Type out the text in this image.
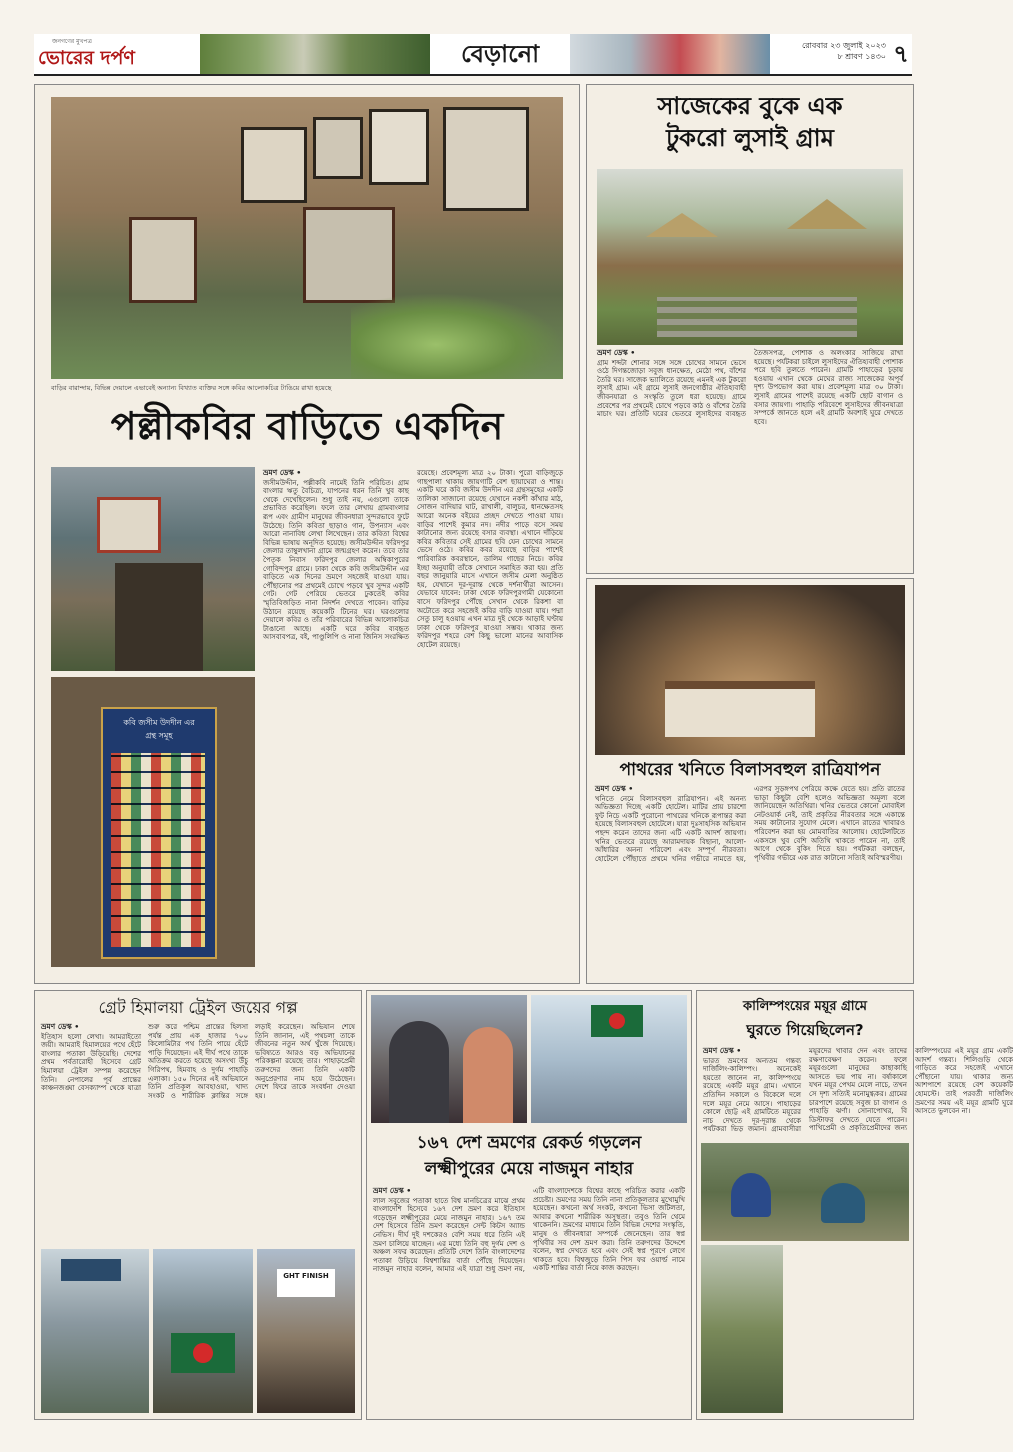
জনগণের মুখপত্র
ভোরের দর্পণ	বেড়ানো	রোববার ২৩ জুলাই ২০২৩
৮ শ্রাবণ ১৪৩০ ৭
বাড়ির বারান্দায়, বিভিন্ন দেয়ালে এভাবেই অন্যান্য বিখ্যাত ব্যক্তির সঙ্গে কবির আলোকচিত্র টাঙিয়ে রাখা হয়েছে
পল্লীকবির বাড়িতে একদিন
কবি জসীম উদদীন এর
গ্রন্থ সমূহ
ভ্রমণ ডেস্ক •
জসীমউদ্দীন, পল্লীকবি নামেই তিনি পরিচিত। গ্রাম বাংলার ঋতু বৈচিত্র্য, যাপনের ধরন তিনি খুব কাছ থেকে দেখেছিলেন। শুধু তাই নয়, এগুলো তাকে প্রভাবিত করেছিল। ফলে তার লেখায় গ্রামবাংলার রূপ এবং গ্রামীণ মানুষের জীবনধারা সুন্দরভাবে ফুটে উঠেছে। তিনি কবিতা ছাড়াও গান, উপন্যাস এবং আরো নানাবিধ লেখা লিখেছেন। তার কবিতা বিশ্বের বিভিন্ন ভাষায় অনূদিত হয়েছে। জসীমউদ্দীন ফরিদপুর জেলার তাম্বুলখানা গ্রামে জন্মগ্রহণ করেন। তবে তার পৈতৃক নিবাস ফরিদপুর জেলার অম্বিকাপুরের গোবিন্দপুর গ্রামে। ঢাকা থেকে কবি জসীমউদ্দীন এর বাড়িতে এক দিনের ভ্রমণে সহজেই যাওয়া যায়। পৌঁছানোর পর প্রথমেই চোখে পড়বে খুব সুন্দর একটি গেট। গেট পেরিয়ে ভেতরে ঢুকতেই কবির স্মৃতিবিজড়িত নানা নিদর্শন দেখতে পাবেন। বাড়ির উঠানে রয়েছে কয়েকটি টিনের ঘর। ঘরগুলোর দেয়ালে কবির ও তাঁর পরিবারের বিভিন্ন আলোকচিত্র টাঙানো আছে। একটি ঘরে কবির ব্যবহৃত আসবাবপত্র, বই, পাণ্ডুলিপি ও নানা জিনিস সংরক্ষিত রয়েছে। প্রবেশমূল্য মাত্র ২০ টাকা। পুরো বাড়িজুড়ে গাছপালা থাকায় জায়গাটি বেশ ছায়াঘেরা ও শান্ত। একটি ঘরে কবি জসীম উদদীন এর গ্রন্থসমূহের একটি তালিকা সাজানো রয়েছে যেখানে নকশী কাঁথার মাঠ, সোজন বাদিয়ার ঘাট, রাখালী, বালুচর, ধানক্ষেতসহ আরো অনেক বইয়ের প্রচ্ছদ দেখতে পাওয়া যায়। বাড়ির পাশেই কুমার নদ। নদীর পাড়ে বসে সময় কাটানোর জন্য রয়েছে বসার ব্যবস্থা। এখানে দাঁড়িয়ে কবির কবিতার সেই গ্রামের ছবি যেন চোখের সামনে ভেসে ওঠে। কবির কবর রয়েছে বাড়ির পাশেই পারিবারিক কবরস্থানে, ডালিম গাছের নিচে। কবির ইচ্ছা অনুযায়ী তাঁকে সেখানে সমাহিত করা হয়। প্রতি বছর জানুয়ারি মাসে এখানে জসীম মেলা অনুষ্ঠিত হয়, যেখানে দূর-দূরান্ত থেকে দর্শনার্থীরা আসেন। যেভাবে যাবেন: ঢাকা থেকে ফরিদপুরগামী যেকোনো বাসে ফরিদপুর পৌঁছে সেখান থেকে রিকশা বা অটোতে করে সহজেই কবির বাড়ি যাওয়া যায়। পদ্মা সেতু চালু হওয়ায় এখন মাত্র দুই থেকে আড়াই ঘণ্টায় ঢাকা থেকে ফরিদপুর যাওয়া সম্ভব। থাকার জন্য ফরিদপুর শহরে বেশ কিছু ভালো মানের আবাসিক হোটেল রয়েছে।
সাজেকের বুকে এক
টুকরো লুসাই গ্রাম
ভ্রমণ ডেস্ক •
গ্রাম শব্দটা শোনার সঙ্গে সঙ্গে চোখের সামনে ভেসে ওঠে দিগন্তজোড়া সবুজ ধানক্ষেত, মেঠো পথ, বাঁশের তৈরি ঘর। সাজেক ভ্যালিতে রয়েছে এমনই এক টুকরো লুসাই গ্রাম। এই গ্রামে লুসাই জনগোষ্ঠীর ঐতিহ্যবাহী জীবনযাত্রা ও সংস্কৃতি তুলে ধরা হয়েছে। গ্রামে প্রবেশের পর প্রথমেই চোখে পড়বে কাঠ ও বাঁশের তৈরি মাচাং ঘর। প্রতিটি ঘরের ভেতরে লুসাইদের ব্যবহৃত তৈজসপত্র, পোশাক ও অলংকার সাজিয়ে রাখা হয়েছে। পর্যটকরা চাইলে লুসাইদের ঐতিহ্যবাহী পোশাক পরে ছবি তুলতে পারেন। গ্রামটি পাহাড়ের চূড়ায় হওয়ায় এখান থেকে মেঘের রাজ্য সাজেকের অপূর্ব দৃশ্য উপভোগ করা যায়। প্রবেশমূল্য মাত্র ৩০ টাকা। লুসাই গ্রামের পাশেই রয়েছে একটি ছোট বাগান ও বসার জায়গা। পাহাড়ি পরিবেশে লুসাইদের জীবনযাত্রা সম্পর্কে জানতে হলে এই গ্রামটি অবশ্যই ঘুরে দেখতে হবে।
পাথরের খনিতে বিলাসবহুল রাত্রিযাপন
ভ্রমণ ডেস্ক •
খনিতে নেমে বিলাসবহুল রাত্রিযাপন। এই অনন্য অভিজ্ঞতা দিচ্ছে একটি হোটেল। মাটির প্রায় চারশো ফুট নিচে একটি পুরোনো পাথরের খনিকে রূপান্তর করা হয়েছে বিলাসবহুল হোটেলে। যারা দুঃসাহসিক অভিযান পছন্দ করেন তাদের জন্য এটি একটি আদর্শ জায়গা। খনির ভেতরে রয়েছে আরামদায়ক বিছানা, আলো-আঁধারির অনন্য পরিবেশ এবং সম্পূর্ণ নীরবতা। হোটেলে পৌঁছাতে প্রথমে খনির গভীরে নামতে হয়, এরপর সুড়ঙ্গপথ পেরিয়ে কক্ষে যেতে হয়। প্রতি রাতের ভাড়া কিছুটা বেশি হলেও অভিজ্ঞতা অমূল্য বলে জানিয়েছেন অতিথিরা। খনির ভেতরে কোনো মোবাইল নেটওয়ার্ক নেই, তাই প্রকৃতির নীরবতার সঙ্গে একান্তে সময় কাটানোর সুযোগ মেলে। এখানে রাতের খাবারও পরিবেশন করা হয় মোমবাতির আলোয়। হোটেলটিতে একসঙ্গে খুব বেশি অতিথি থাকতে পারেন না, তাই আগে থেকে বুকিং দিতে হয়। পর্যটকরা বলছেন, পৃথিবীর গভীরে এক রাত কাটানো সত্যিই অবিস্মরণীয়।
গ্রেট হিমালয়া ট্রেইল জয়ের গল্প
ভ্রমণ ডেস্ক •
ইতিহাস হলো লেখা। আমরাইতো জয়ী। আমরাই হিমালয়ের পথে হেঁটে বাংলার পতাকা উড়িয়েছি। দেশের প্রথম পর্বতারোহী হিসেবে গ্রেট হিমালয়া ট্রেইল সম্পন্ন করেছেন তিনি। নেপালের পূর্ব প্রান্তের কাঞ্চনজঙ্ঘা বেসক্যাম্প থেকে যাত্রা শুরু করে পশ্চিম প্রান্তের হিলসা পর্যন্ত প্রায় এক হাজার ৭০০ কিলোমিটার পথ তিনি পায়ে হেঁটে পাড়ি দিয়েছেন। এই দীর্ঘ পথে তাকে অতিক্রম করতে হয়েছে অসংখ্য উঁচু গিরিপথ, হিমবাহ ও দুর্গম পাহাড়ি এলাকা। ১৫০ দিনের এই অভিযানে তিনি প্রতিকূল আবহাওয়া, খাদ্য সংকট ও শারীরিক ক্লান্তির সঙ্গে লড়াই করেছেন। অভিযান শেষে তিনি জানান, এই পথচলা তাকে জীবনের নতুন অর্থ খুঁজে দিয়েছে। ভবিষ্যতে আরও বড় অভিযানের পরিকল্পনা রয়েছে তার। পাহাড়প্রেমী তরুণদের জন্য তিনি একটি অনুপ্রেরণার নাম হয়ে উঠেছেন। দেশে ফিরে তাকে সংবর্ধনা দেওয়া হয়।
GHT FINISH
১৬৭ দেশ ভ্রমণের রেকর্ড গড়লেন
লক্ষ্মীপুরের মেয়ে নাজমুন নাহার
ভ্রমণ ডেস্ক •
লাল সবুজের পতাকা হাতে বিশ্ব মানচিত্রের মাঝে প্রথম বাংলাদেশি হিসেবে ১৬৭ দেশ ভ্রমণ করে ইতিহাস গড়েছেন লক্ষ্মীপুরের মেয়ে নাজমুন নাহার। ১৬৭ তম দেশ হিসেবে তিনি ভ্রমণ করেছেন সেন্ট কিটস অ্যান্ড নেভিস। দীর্ঘ দুই দশকেরও বেশি সময় ধরে তিনি এই ভ্রমণ চালিয়ে যাচ্ছেন। এর মধ্যে তিনি বহু দুর্গম দেশ ও অঞ্চল সফর করেছেন। প্রতিটি দেশে তিনি বাংলাদেশের পতাকা উড়িয়ে বিশ্বশান্তির বার্তা পৌঁছে দিয়েছেন। নাজমুন নাহার বলেন, আমার এই যাত্রা শুধু ভ্রমণ নয়, এটি বাংলাদেশকে বিশ্বের কাছে পরিচিত করার একটি প্রচেষ্টা। ভ্রমণের সময় তিনি নানা প্রতিকূলতার মুখোমুখি হয়েছেন। কখনো অর্থ সংকট, কখনো ভিসা জটিলতা, আবার কখনো শারীরিক অসুস্থতা। তবুও তিনি থেমে থাকেননি। ভ্রমণের মাধ্যমে তিনি বিভিন্ন দেশের সংস্কৃতি, মানুষ ও জীবনধারা সম্পর্কে জেনেছেন। তার স্বপ্ন পৃথিবীর সব দেশ ভ্রমণ করা। তিনি তরুণদের উদ্দেশে বলেন, স্বপ্ন দেখতে হবে এবং সেই স্বপ্ন পূরণে লেগে থাকতে হবে। বিশ্বজুড়ে তিনি পিস ফর ওয়ার্ল্ড নামে একটি শান্তির বার্তা নিয়ে কাজ করছেন।
কালিম্পংয়ের ময়ূর গ্রামে
ঘুরতে গিয়েছিলেন?
ভ্রমণ ডেস্ক •
ভারত ভ্রমণের অন্যতম গন্তব্য দার্জিলিং-কালিম্পং। অনেকেই হয়তো জানেন না, কালিম্পংয়ে রয়েছে একটি ময়ূর গ্রাম। এখানে প্রতিদিন সকালে ও বিকেলে দলে দলে ময়ূর নেমে আসে। পাহাড়ের কোলে ছোট্ট এই গ্রামটিতে ময়ূরের নাচ দেখতে দূর-দূরান্ত থেকে পর্যটকরা ভিড় জমান। গ্রামবাসীরা ময়ূরদের খাবার দেন এবং তাদের রক্ষণাবেক্ষণ করেন। ফলে ময়ূরগুলো মানুষের কাছাকাছি আসতে ভয় পায় না। বর্ষাকালে যখন ময়ূর পেখম মেলে নাচে, তখন সে দৃশ্য সত্যিই মনোমুগ্ধকর। গ্রামের চারপাশে রয়েছে সবুজ চা বাগান ও পাহাড়ি ঝর্ণা। সোনাপোখর, বি ডিস্টাফর দেখতে যেতে পারেন। পাখিপ্রেমী ও প্রকৃতিপ্রেমীদের জন্য কালিম্পংয়ের এই ময়ূর গ্রাম একটি আদর্শ গন্তব্য। শিলিগুড়ি থেকে গাড়িতে করে সহজেই এখানে পৌঁছানো যায়। থাকার জন্য আশপাশে রয়েছে বেশ কয়েকটি হোমস্টে। তাই পরবর্তী দার্জিলিং ভ্রমণের সময় এই ময়ূর গ্রামটি ঘুরে আসতে ভুলবেন না।
